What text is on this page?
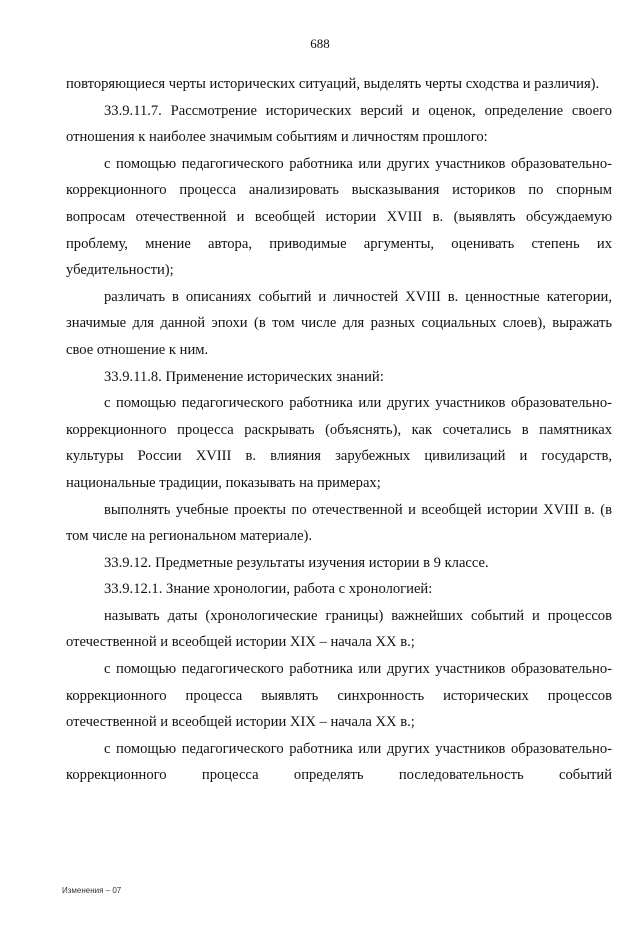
688

повторяющиеся черты исторических ситуаций, выделять черты сходства и различия).

33.9.11.7. Рассмотрение исторических версий и оценок, определение своего отношения к наиболее значимым событиям и личностям прошлого:

с помощью педагогического работника или других участников образовательно-коррекционного процесса анализировать высказывания историков по спорным вопросам отечественной и всеобщей истории XVIII в. (выявлять обсуждаемую проблему, мнение автора, приводимые аргументы, оценивать степень их убедительности);

различать в описаниях событий и личностей XVIII в. ценностные категории, значимые для данной эпохи (в том числе для разных социальных слоев), выражать свое отношение к ним.

33.9.11.8. Применение исторических знаний:

с помощью педагогического работника или других участников образовательно-коррекционного процесса раскрывать (объяснять), как сочетались в памятниках культуры России XVIII в. влияния зарубежных цивилизаций и государств, национальные традиции, показывать на примерах;

выполнять учебные проекты по отечественной и всеобщей истории XVIII в. (в том числе на региональном материале).

33.9.12. Предметные результаты изучения истории в 9 классе.

33.9.12.1. Знание хронологии, работа с хронологией:

называть даты (хронологические границы) важнейших событий и процессов отечественной и всеобщей истории XIX – начала XX в.;

с помощью педагогического работника или других участников образовательно-коррекционного процесса выявлять синхронность исторических процессов отечественной и всеобщей истории XIX – начала XX в.;

с помощью педагогического работника или других участников образовательно-коррекционного процесса определять последовательность событий

Изменения – 07
